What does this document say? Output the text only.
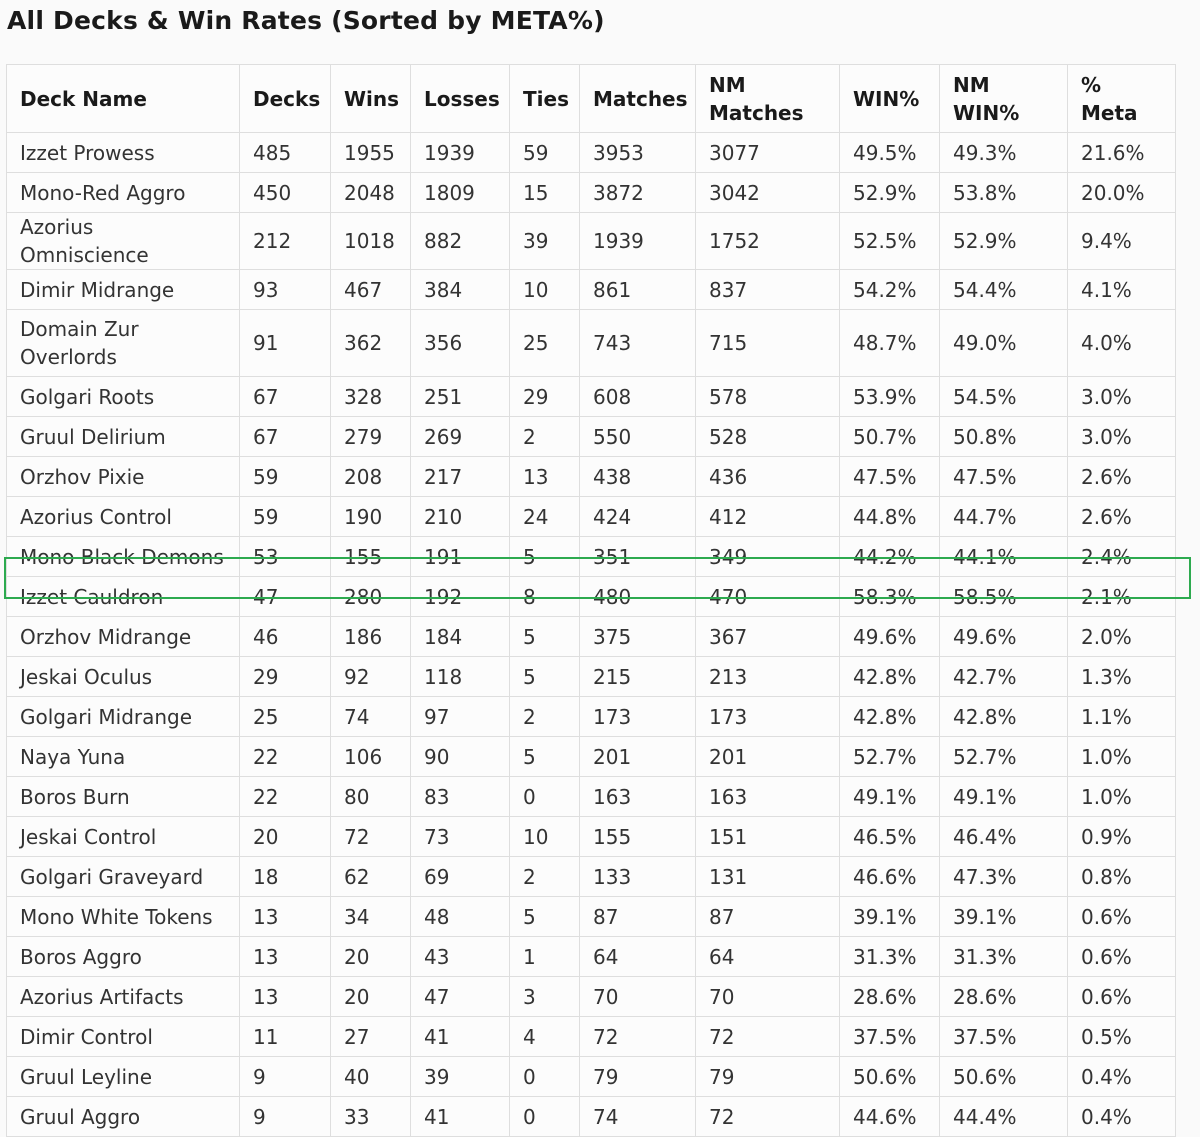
All Decks & Win Rates (Sorted by META%)
Deck Name	Decks	Wins	Losses	Ties	Matches	NM Matches	WIN%	NM WIN%	% Meta
Izzet Prowess	485	1955	1939	59	3953	3077	49.5%	49.3%	21.6%
Mono-Red Aggro	450	2048	1809	15	3872	3042	52.9%	53.8%	20.0%
Azorius Omniscience	212	1018	882	39	1939	1752	52.5%	52.9%	9.4%
Dimir Midrange	93	467	384	10	861	837	54.2%	54.4%	4.1%
Domain Zur Overlords	91	362	356	25	743	715	48.7%	49.0%	4.0%
Golgari Roots	67	328	251	29	608	578	53.9%	54.5%	3.0%
Gruul Delirium	67	279	269	2	550	528	50.7%	50.8%	3.0%
Orzhov Pixie	59	208	217	13	438	436	47.5%	47.5%	2.6%
Azorius Control	59	190	210	24	424	412	44.8%	44.7%	2.6%
Mono Black Demons	53	155	191	5	351	349	44.2%	44.1%	2.4%
Izzet Cauldron	47	280	192	8	480	470	58.3%	58.5%	2.1%
Orzhov Midrange	46	186	184	5	375	367	49.6%	49.6%	2.0%
Jeskai Oculus	29	92	118	5	215	213	42.8%	42.7%	1.3%
Golgari Midrange	25	74	97	2	173	173	42.8%	42.8%	1.1%
Naya Yuna	22	106	90	5	201	201	52.7%	52.7%	1.0%
Boros Burn	22	80	83	0	163	163	49.1%	49.1%	1.0%
Jeskai Control	20	72	73	10	155	151	46.5%	46.4%	0.9%
Golgari Graveyard	18	62	69	2	133	131	46.6%	47.3%	0.8%
Mono White Tokens	13	34	48	5	87	87	39.1%	39.1%	0.6%
Boros Aggro	13	20	43	1	64	64	31.3%	31.3%	0.6%
Azorius Artifacts	13	20	47	3	70	70	28.6%	28.6%	0.6%
Dimir Control	11	27	41	4	72	72	37.5%	37.5%	0.5%
Gruul Leyline	9	40	39	0	79	79	50.6%	50.6%	0.4%
Gruul Aggro	9	33	41	0	74	72	44.6%	44.4%	0.4%
